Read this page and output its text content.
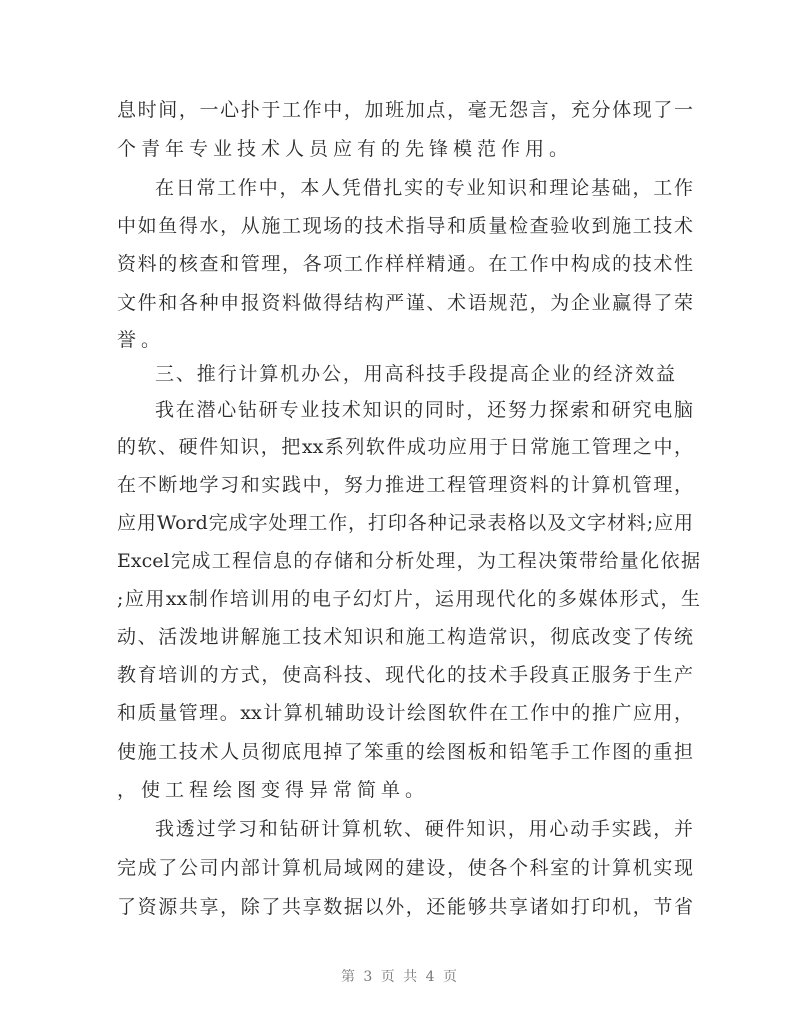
息时间，一心扑于工作中，加班加点，毫无怨言，充分体现了一
个青年专业技术人员应有的先锋模范作用。
在日常工作中，本人凭借扎实的专业知识和理论基础，工作
中如鱼得水，从施工现场的技术指导和质量检查验收到施工技术
资料的核查和管理，各项工作样样精通。在工作中构成的技术性
文件和各种申报资料做得结构严谨、术语规范，为企业赢得了荣
誉。
三、推行计算机办公，用高科技手段提高企业的经济效益
我在潜心钻研专业技术知识的同时，还努力探索和研究电脑
的软、硬件知识，把xx系列软件成功应用于日常施工管理之中，
在不断地学习和实践中，努力推进工程管理资料的计算机管理，
应用Word完成字处理工作，打印各种记录表格以及文字材料;应用
Excel完成工程信息的存储和分析处理，为工程决策带给量化依据
;应用xx制作培训用的电子幻灯片，运用现代化的多媒体形式，生
动、活泼地讲解施工技术知识和施工构造常识，彻底改变了传统
教育培训的方式，使高科技、现代化的技术手段真正服务于生产
和质量管理。xx计算机辅助设计绘图软件在工作中的推广应用，
使施工技术人员彻底甩掉了笨重的绘图板和铅笔手工作图的重担
，使工程绘图变得异常简单。
我透过学习和钻研计算机软、硬件知识，用心动手实践，并
完成了公司内部计算机局域网的建设，使各个科室的计算机实现
了资源共享，除了共享数据以外，还能够共享诸如打印机，节省
第 3 页 共 4 页
